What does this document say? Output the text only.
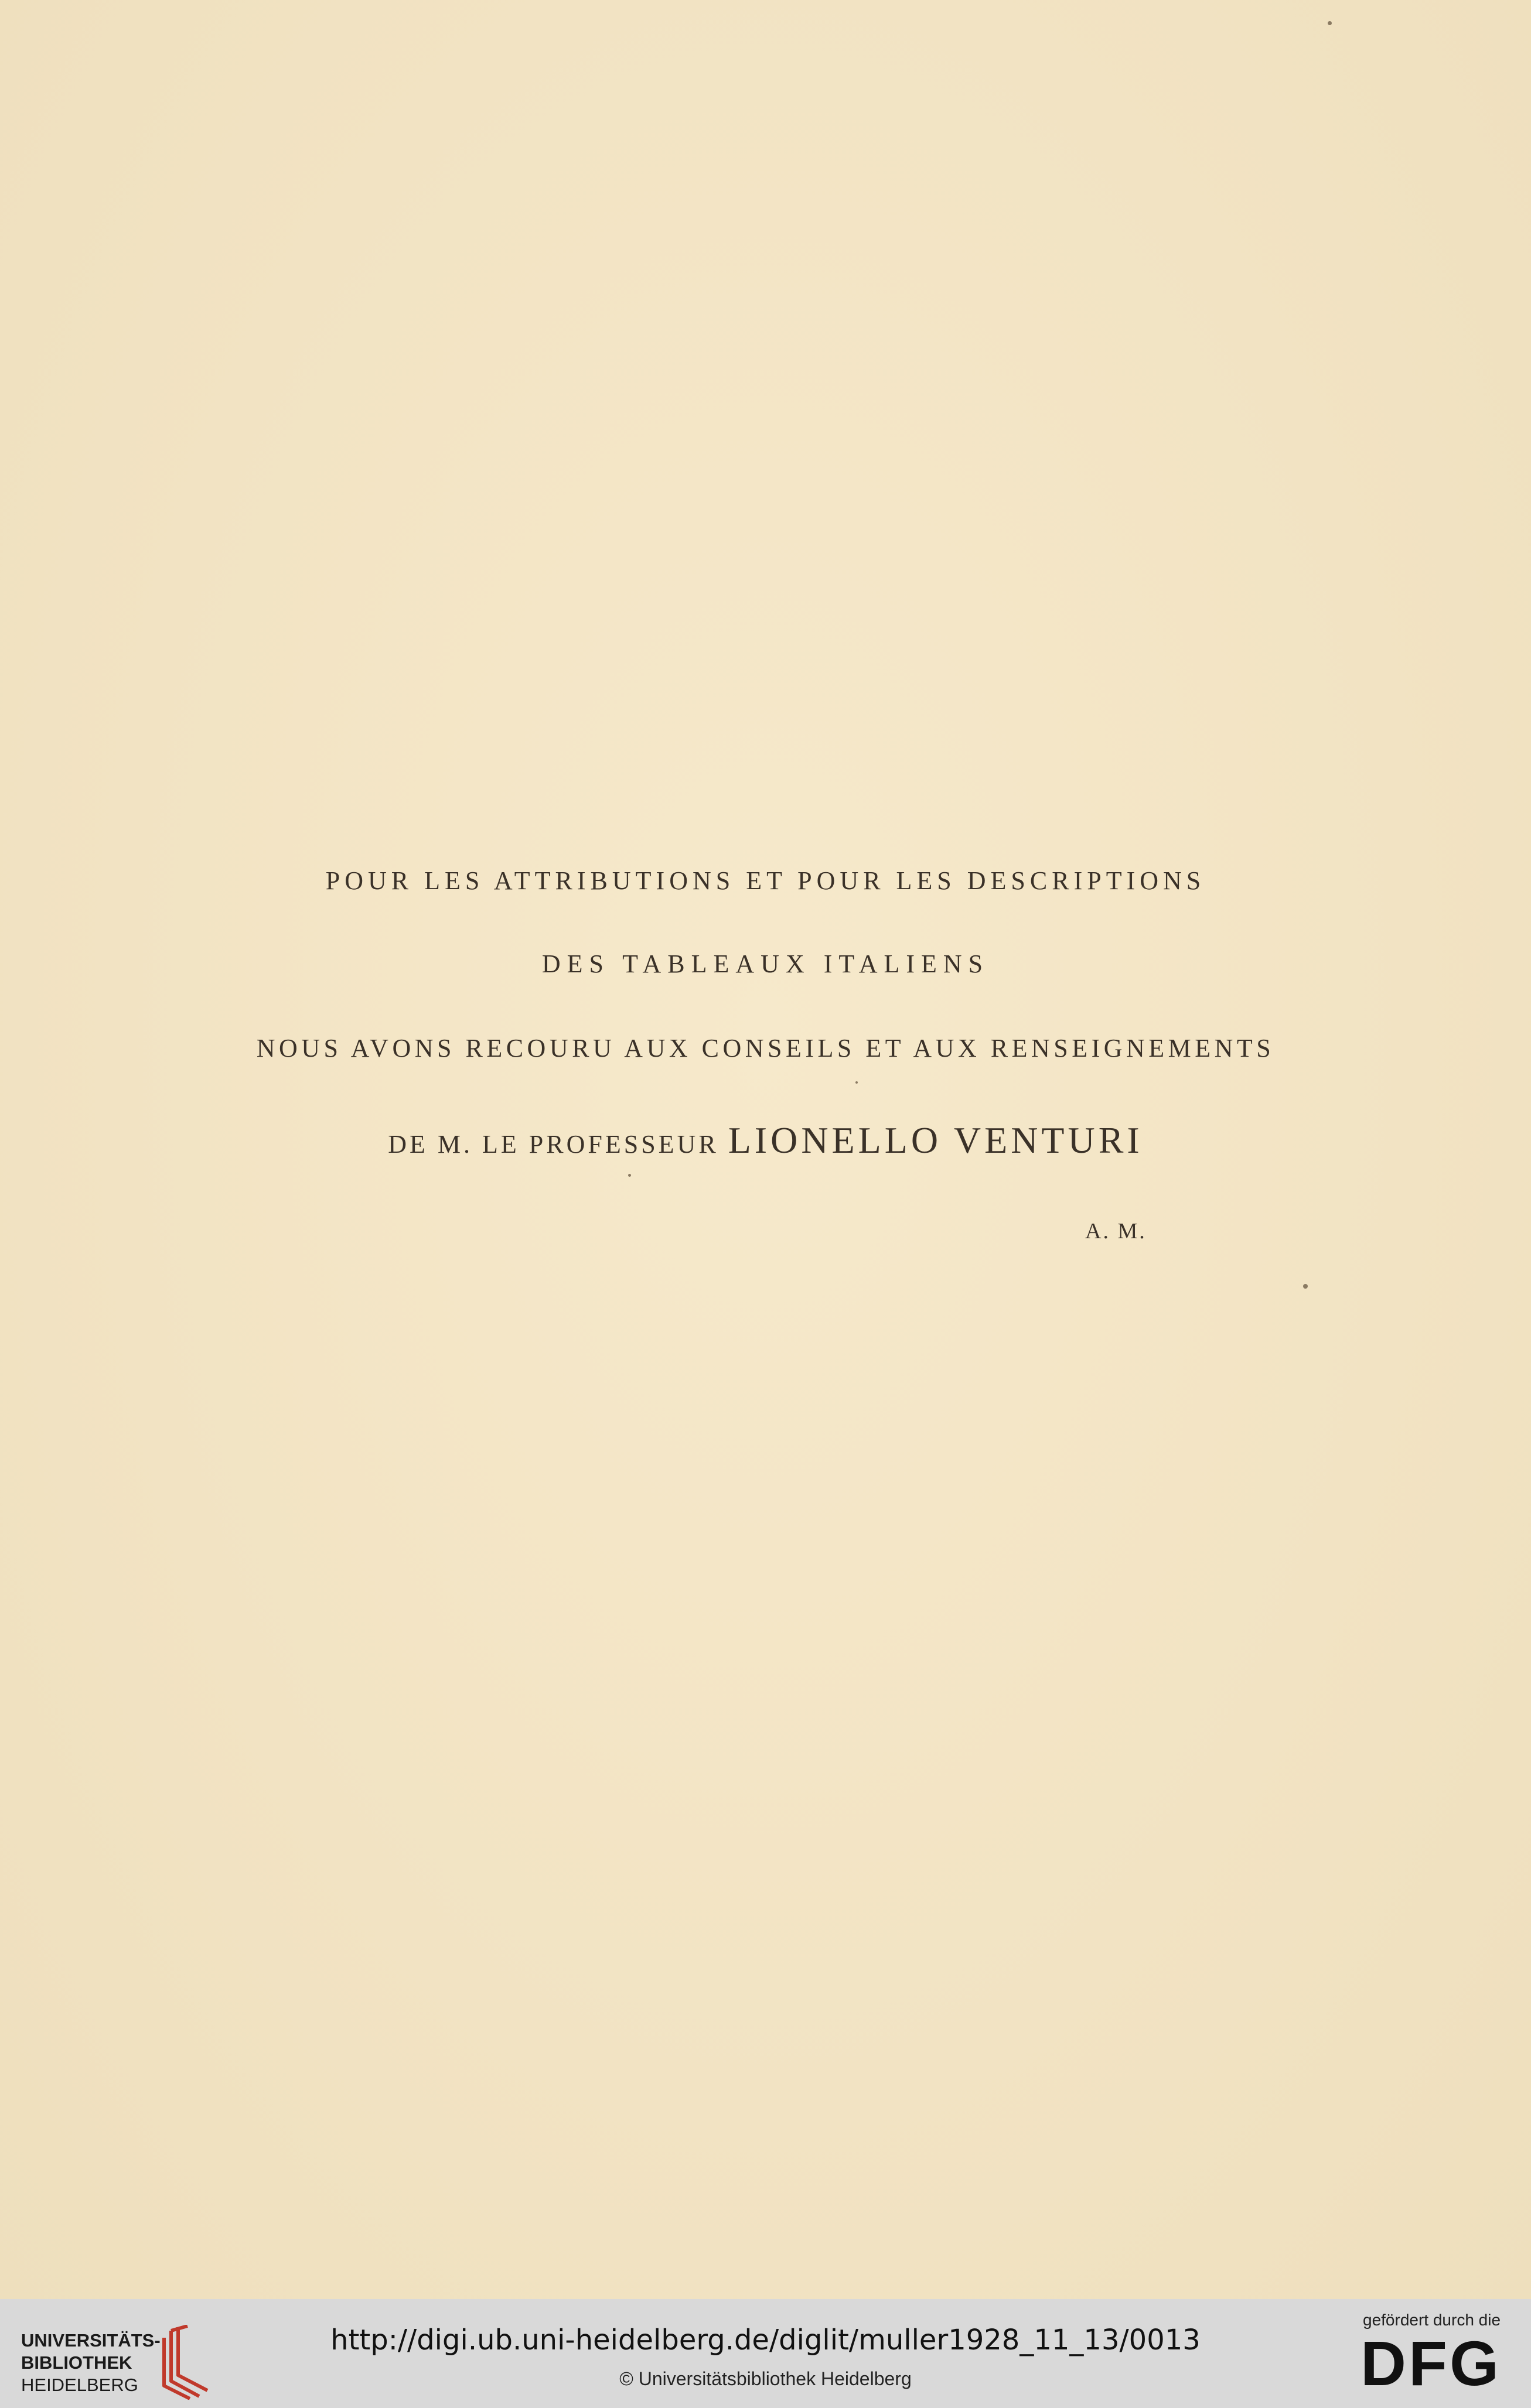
POUR LES ATTRIBUTIONS ET POUR LES DESCRIPTIONS
DES TABLEAUX ITALIENS
NOUS AVONS RECOURU AUX CONSEILS ET AUX RENSEIGNEMENTS
DE M. LE PROFESSEUR LIONELLO VENTURI
A. M.
UNIVERSITÄTS-
BIBLIOTHEK
HEIDELBERG
http://digi.ub.uni-heidelberg.de/diglit/muller1928_11_13/0013
© Universitätsbibliothek Heidelberg
gefördert durch die
DFG
